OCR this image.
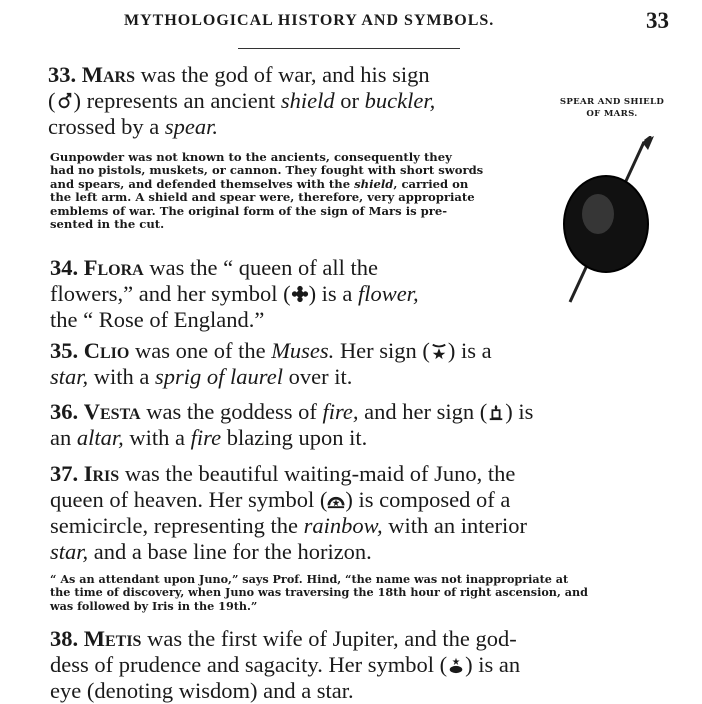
MYTHOLOGICAL HISTORY AND SYMBOLS.	33
33. Mars was the god of war, and his sign
( ) represents an ancient shield or buckler,
crossed by a spear.
Gunpowder was not known to the ancients, consequently they
had no pistols, muskets, or cannon. They fought with short swords
and spears, and defended themselves with the shield, carried on
the left arm. A shield and spear were, therefore, very appropriate
emblems of war. The original form of the sign of Mars is pre-
sented in the cut.
SPEAR AND SHIELD
OF MARS.
34. Flora was the “ queen of all the
flowers,” and her symbol ( ) is a flower,
the “ Rose of England.”
35. Clio was one of the Muses. Her sign ( ) is a
star, with a sprig of laurel over it.
36. Vesta was the goddess of fire, and her sign ( ) is
an altar, with a fire blazing upon it.
37. Iris was the beautiful waiting-maid of Juno, the
queen of heaven. Her symbol ( ) is composed of a
semicircle, representing the rainbow, with an interior
star, and a base line for the horizon.
“ As an attendant upon Juno,” says Prof. Hind, “the name was not inappropriate at
the time of discovery, when Juno was traversing the 18th hour of right ascension, and
was followed by Iris in the 19th.”
38. Metis was the first wife of Jupiter, and the god-
dess of prudence and sagacity. Her symbol ( ) is an
eye (denoting wisdom) and a star.
